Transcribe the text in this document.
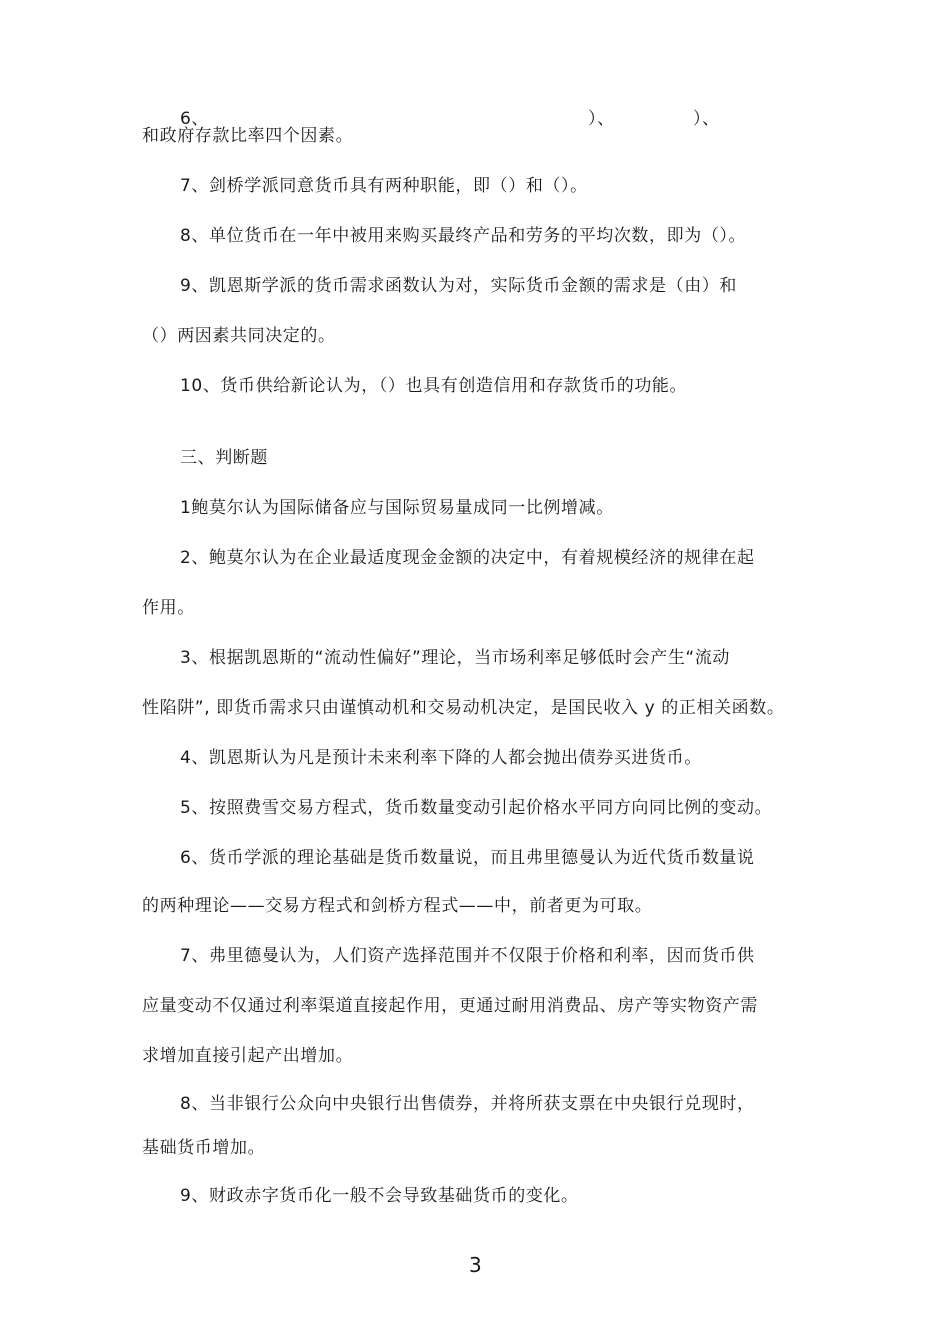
6、	）、	）、
和政府存款比率四个因素。
7、剑桥学派同意货币具有两种职能，即（）和（）。
8、单位货币在一年中被用来购买最终产品和劳务的平均次数，即为（）。
9、凯恩斯学派的货币需求函数认为对，实际货币金额的需求是（由）和
（）两因素共同决定的。
10、货币供给新论认为，（）也具有创造信用和存款货币的功能。
三、判断题
1鲍莫尔认为国际储备应与国际贸易量成同一比例增减。
2、鲍莫尔认为在企业最适度现金金额的决定中，有着规模经济的规律在起
作用。
3、根据凯恩斯的“流动性偏好”理论，当市场利率足够低时会产生“流动
性陷阱”, 即货币需求只由谨慎动机和交易动机决定，是国民收入 y 的正相关函数。
4、凯恩斯认为凡是预计未来利率下降的人都会抛出债券买进货币。
5、按照费雪交易方程式，货币数量变动引起价格水平同方向同比例的变动。
6、货币学派的理论基础是货币数量说，而且弗里德曼认为近代货币数量说
的两种理论——交易方程式和剑桥方程式——中，前者更为可取。
7、弗里德曼认为，人们资产选择范围并不仅限于价格和利率，因而货币供
应量变动不仅通过利率渠道直接起作用，更通过耐用消费品、房产等实物资产需
求增加直接引起产出增加。
8、当非银行公众向中央银行出售债券，并将所获支票在中央银行兑现时，
基础货币增加。
9、财政赤字货币化一般不会导致基础货币的变化。
3
